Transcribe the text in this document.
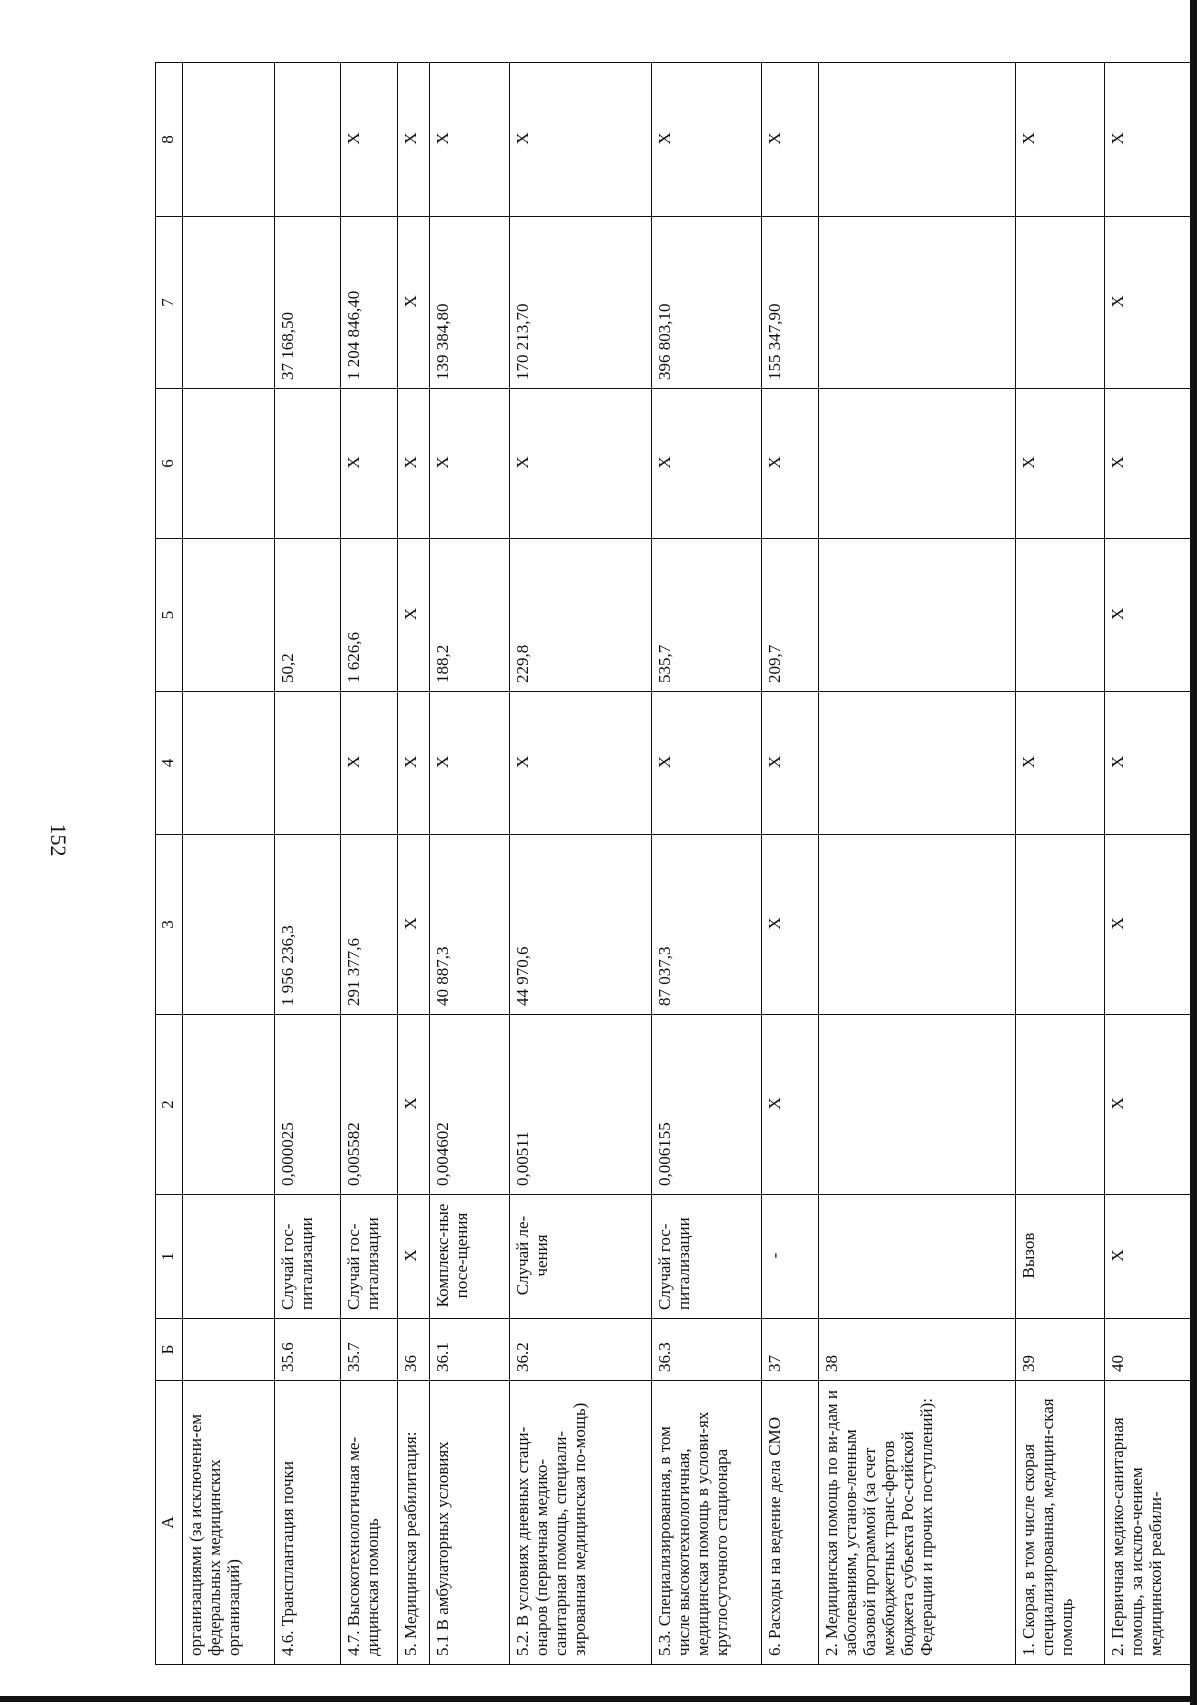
152
А	Б	1	2	3	4	5	6	7	8
организациями (за исключени-ем федеральных медицинских организаций)									
4.6. Трансплантация почки	35.6	Случай гос-питализации	0,000025	1 956 236,3		50,2		37 168,50	
4.7. Высокотехнологичная ме-дицинская помощь	35.7	Случай гос-питализации	0,005582	291 377,6	Х	1 626,6	Х	1 204 846,40	Х
5. Медицинская реабилитация:	36	Х	Х	Х	Х	Х	Х	Х	Х
5.1 В амбулаторных условиях	36.1	Комплекс-ные посе-щения	0,004602	40 887,3	Х	188,2	Х	139 384,80	Х
5.2. В условиях дневных стаци-онаров (первичная медико-санитарная помощь, специали-зированная медицинская по-мощь)	36.2	Случай ле-чения	0,00511	44 970,6	Х	229,8	Х	170 213,70	Х
5.3. Специализированная, в том числе высокотехнологичная, медицинская помощь в услови-ях круглосуточного стационара	36.3	Случай гос-питализации	0,006155	87 037,3	Х	535,7	Х	396 803,10	Х
6. Расходы на ведение дела СМО	37	-	Х	Х	Х	209,7	Х	155 347,90	Х
2. Медицинская помощь по ви-дам и заболеваниям, установ-ленным базовой программой (за счет межбюджетных транс-фертов бюджета субъекта Рос-сийской Федерации и прочих поступлений):	38								
1. Скорая, в том числе скорая специализированная, медицин-ская помощь	39	Вызов			Х		Х		Х
2. Первичная медико-санитарная помощь, за исклю-чением медицинской реабили-	40	Х	Х	Х	Х	Х	Х	Х	Х
